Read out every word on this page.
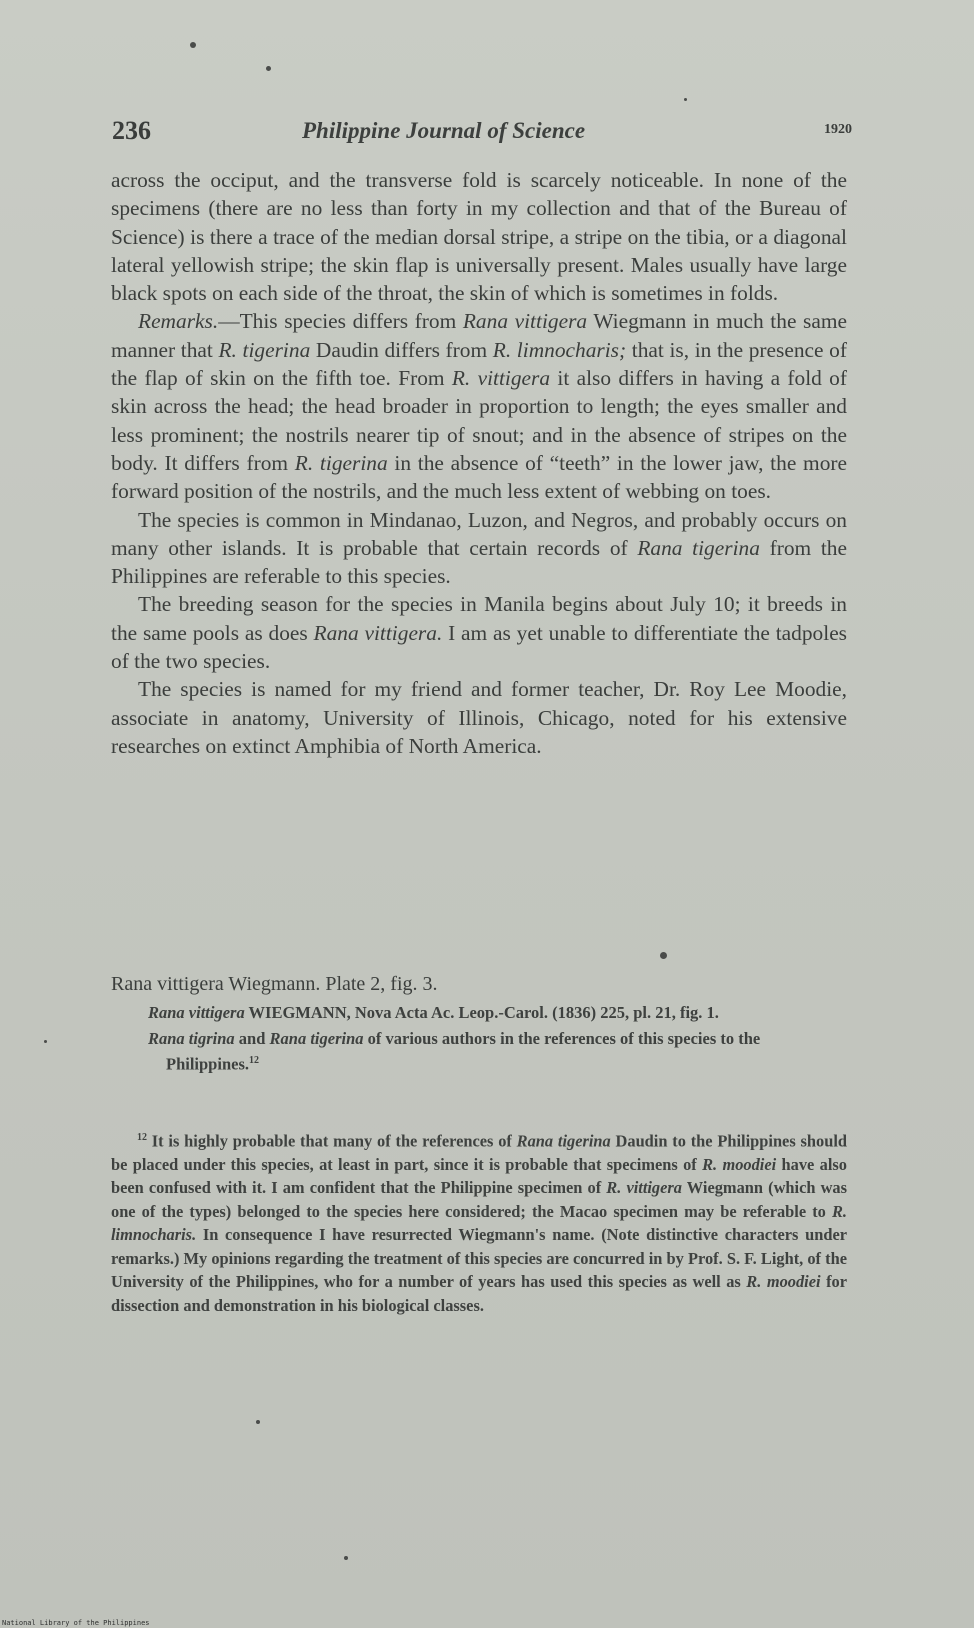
236	Philippine Journal of Science	1920

across the occiput, and the transverse fold is scarcely noticeable. In none of the specimens (there are no less than forty in my collection and that of the Bureau of Science) is there a trace of the median dorsal stripe, a stripe on the tibia, or a diagonal lateral yellowish stripe; the skin flap is universally present. Males usually have large black spots on each side of the throat, the skin of which is sometimes in folds.

Remarks.—This species differs from Rana vittigera Wiegmann in much the same manner that R. tigerina Daudin differs from R. limnocharis; that is, in the presence of the flap of skin on the fifth toe. From R. vittigera it also differs in having a fold of skin across the head; the head broader in proportion to length; the eyes smaller and less prominent; the nostrils nearer tip of snout; and in the absence of stripes on the body. It differs from R. tigerina in the absence of “teeth” in the lower jaw, the more forward position of the nostrils, and the much less extent of webbing on toes.

The species is common in Mindanao, Luzon, and Negros, and probably occurs on many other islands. It is probable that certain records of Rana tigerina from the Philippines are referable to this species.

The breeding season for the species in Manila begins about July 10; it breeds in the same pools as does Rana vittigera. I am as yet unable to differentiate the tadpoles of the two species.

The species is named for my friend and former teacher, Dr. Roy Lee Moodie, associate in anatomy, University of Illinois, Chicago, noted for his extensive researches on extinct Amphibia of North America.

Rana vittigera Wiegmann. Plate 2, fig. 3.

Rana vittigera WIEGMANN, Nova Acta Ac. Leop.-Carol. (1836) 225, pl. 21, fig. 1.

Rana tigrina and Rana tigerina of various authors in the references of this species to the Philippines.$^{12}$

$^{12}$ It is highly probable that many of the references of Rana tigerina Daudin to the Philippines should be placed under this species, at least in part, since it is probable that specimens of R. moodiei have also been confused with it. I am confident that the Philippine specimen of R. vittigera Wiegmann (which was one of the types) belonged to the species here considered; the Macao specimen may be referable to R. limnocharis. In consequence I have resurrected Wiegmann's name. (Note distinctive characters under remarks.) My opinions regarding the treatment of this species are concurred in by Prof. S. F. Light, of the University of the Philippines, who for a number of years has used this species as well as R. moodiei for dissection and demonstration in his biological classes.

National Library of the Philippines
